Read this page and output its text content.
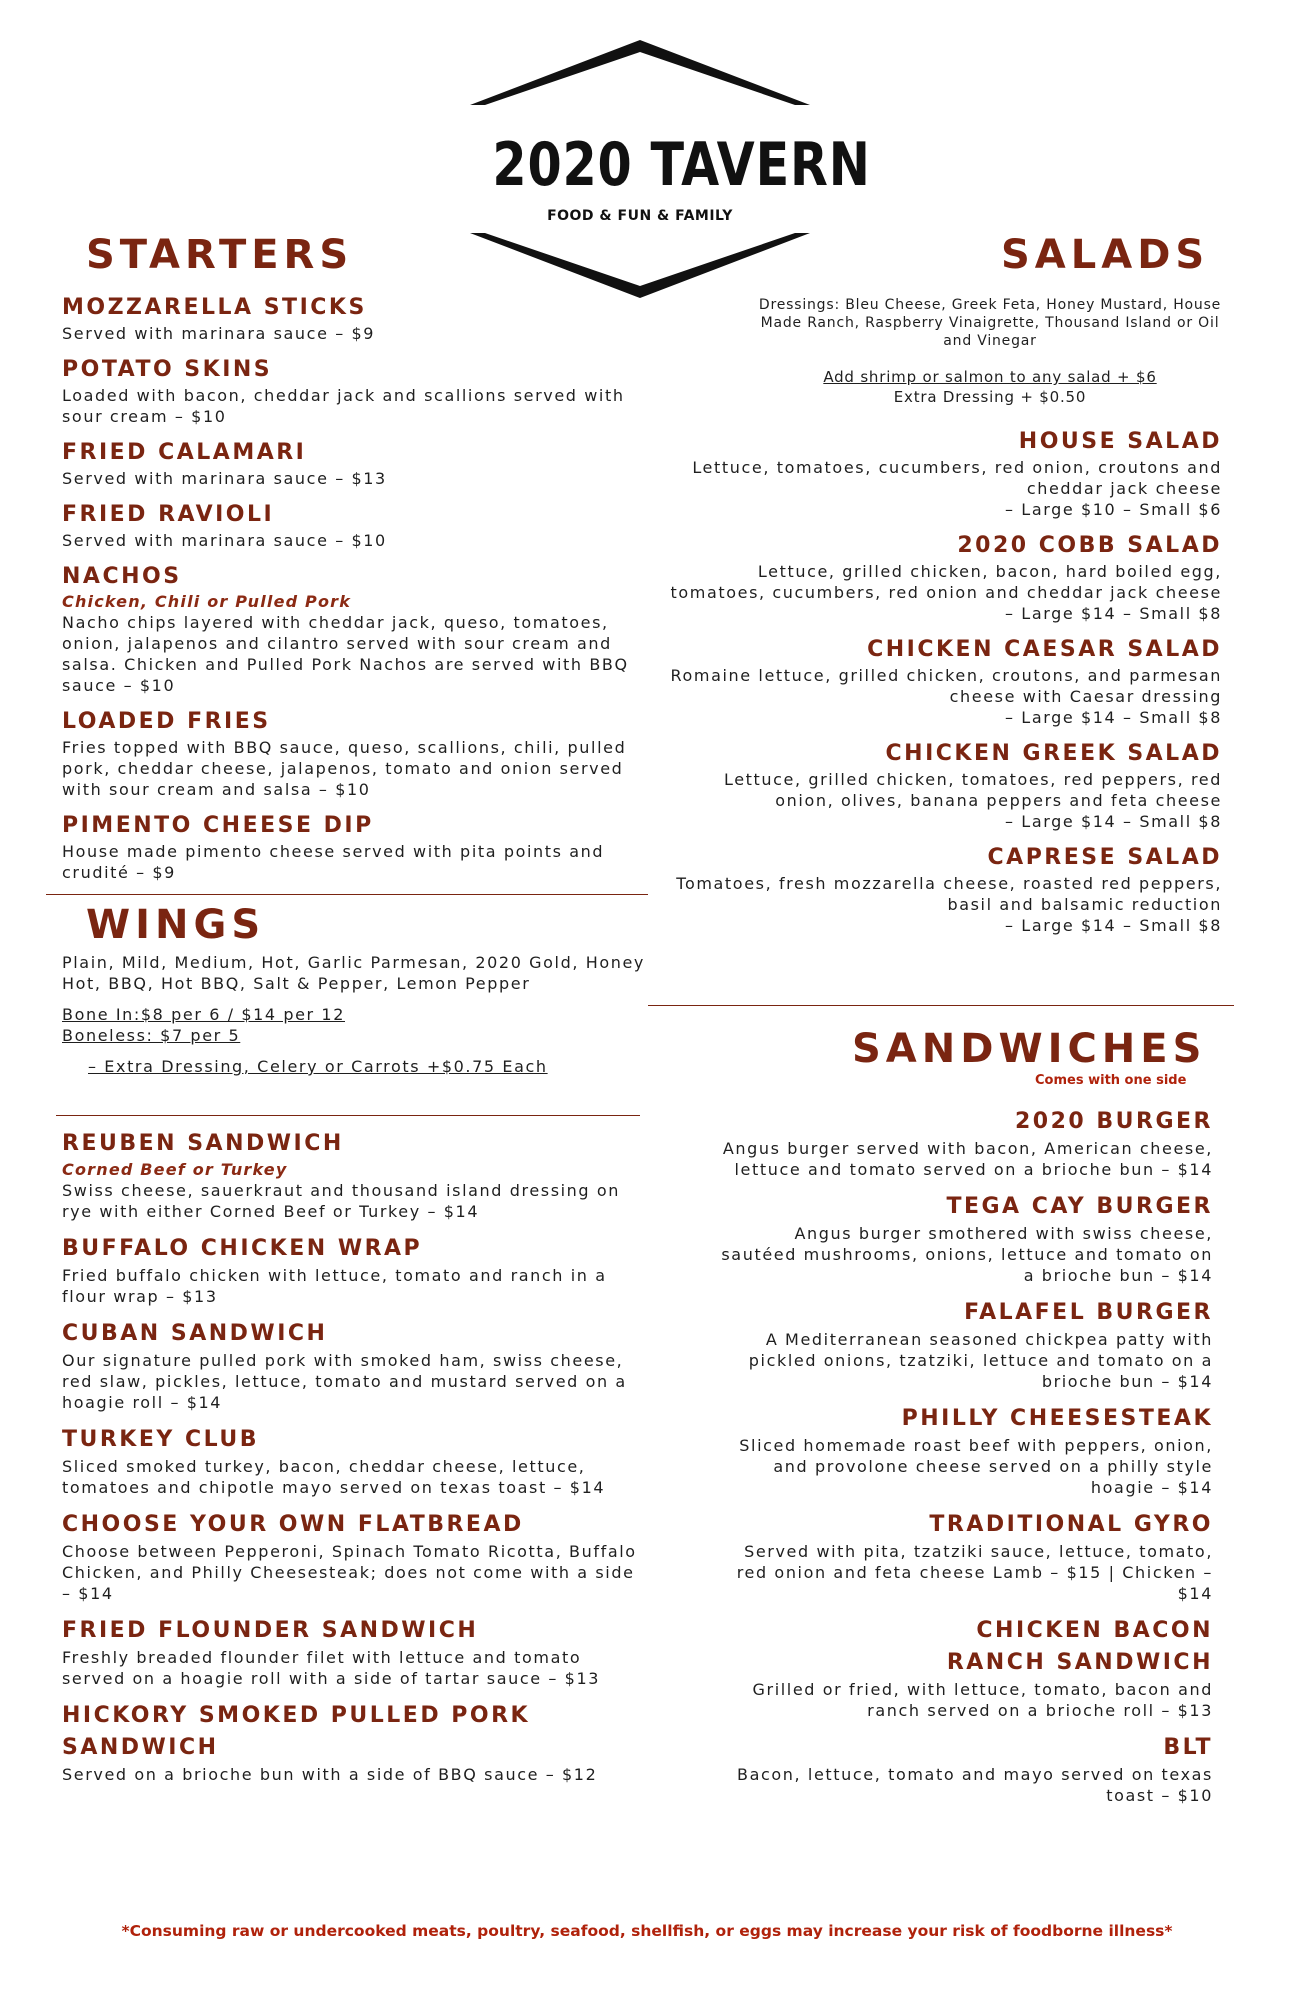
2020 TAVERN
FOOD & FUN & FAMILY
STARTERS

MOZZARELLA STICKS

Served with marinara sauce – $9

POTATO SKINS

Loaded with bacon, cheddar jack and scallions served with sour cream – $10

FRIED CALAMARI

Served with marinara sauce – $13

FRIED RAVIOLI

Served with marinara sauce – $10

NACHOS

Chicken, Chili or Pulled Pork

Nacho chips layered with cheddar jack, queso, tomatoes, onion, jalapenos and cilantro served with sour cream and salsa. Chicken and Pulled Pork Nachos are served with BBQ sauce – $10

LOADED FRIES

Fries topped with BBQ sauce, queso, scallions, chili, pulled pork, cheddar cheese, jalapenos, tomato and onion served with sour cream and salsa – $10

PIMENTO CHEESE DIP

House made pimento cheese served with pita points and crudité – $9

WINGS

Plain, Mild, Medium, Hot, Garlic Parmesan, 2020 Gold, Honey Hot, BBQ, Hot BBQ, Salt & Pepper, Lemon Pepper

Bone In:$8 per 6 / $14 per 12

Boneless: $7 per 5

– Extra Dressing, Celery or Carrots +$0.75 Each

REUBEN SANDWICH

Corned Beef or Turkey

Swiss cheese, sauerkraut and thousand island dressing on rye with either Corned Beef or Turkey – $14

BUFFALO CHICKEN WRAP

Fried buffalo chicken with lettuce, tomato and ranch in a flour wrap – $13

CUBAN SANDWICH

Our signature pulled pork with smoked ham, swiss cheese, red slaw, pickles, lettuce, tomato and mustard served on a hoagie roll – $14

TURKEY CLUB

Sliced smoked turkey, bacon, cheddar cheese, lettuce, tomatoes and chipotle mayo served on texas toast – $14

CHOOSE YOUR OWN FLATBREAD

Choose between Pepperoni, Spinach Tomato Ricotta, Buffalo Chicken, and Philly Cheesesteak; does not come with a side – $14

FRIED FLOUNDER SANDWICH

Freshly breaded flounder filet with lettuce and tomato served on a hoagie roll with a side of tartar sauce – $13

HICKORY SMOKED PULLED PORK SANDWICH

Served on a brioche bun with a side of BBQ sauce – $12

SALADS

Dressings: Bleu Cheese, Greek Feta, Honey Mustard, House Made Ranch, Raspberry Vinaigrette, Thousand Island or Oil and Vinegar

Add shrimp or salmon to any salad + $6

Extra Dressing + $0.50

HOUSE SALAD

Lettuce, tomatoes, cucumbers, red onion, croutons and cheddar jack cheese

– Large $10 – Small $6

2020 COBB SALAD

Lettuce, grilled chicken, bacon, hard boiled egg, tomatoes, cucumbers, red onion and cheddar jack cheese

– Large $14 – Small $8

CHICKEN CAESAR SALAD

Romaine lettuce, grilled chicken, croutons, and parmesan cheese with Caesar dressing

– Large $14 – Small $8

CHICKEN GREEK SALAD

Lettuce, grilled chicken, tomatoes, red peppers, red onion, olives, banana peppers and feta cheese

– Large $14 – Small $8

CAPRESE SALAD

Tomatoes, fresh mozzarella cheese, roasted red peppers, basil and balsamic reduction

– Large $14 – Small $8

SANDWICHES
Comes with one side

2020 BURGER

Angus burger served with bacon, American cheese, lettuce and tomato served on a brioche bun – $14

TEGA CAY BURGER

Angus burger smothered with swiss cheese, sautéed mushrooms, onions, lettuce and tomato on a brioche bun – $14

FALAFEL BURGER

A Mediterranean seasoned chickpea patty with pickled onions, tzatziki, lettuce and tomato on a brioche bun – $14

PHILLY CHEESESTEAK

Sliced homemade roast beef with peppers, onion, and provolone cheese served on a philly style hoagie – $14

TRADITIONAL GYRO

Served with pita, tzatziki sauce, lettuce, tomato, red onion and feta cheese Lamb – $15 | Chicken – $14

CHICKEN BACON RANCH SANDWICH

Grilled or fried, with lettuce, tomato, bacon and ranch served on a brioche roll – $13

BLT

Bacon, lettuce, tomato and mayo served on texas toast – $10

*Consuming raw or undercooked meats, poultry, seafood, shellfish, or eggs may increase your risk of foodborne illness*
